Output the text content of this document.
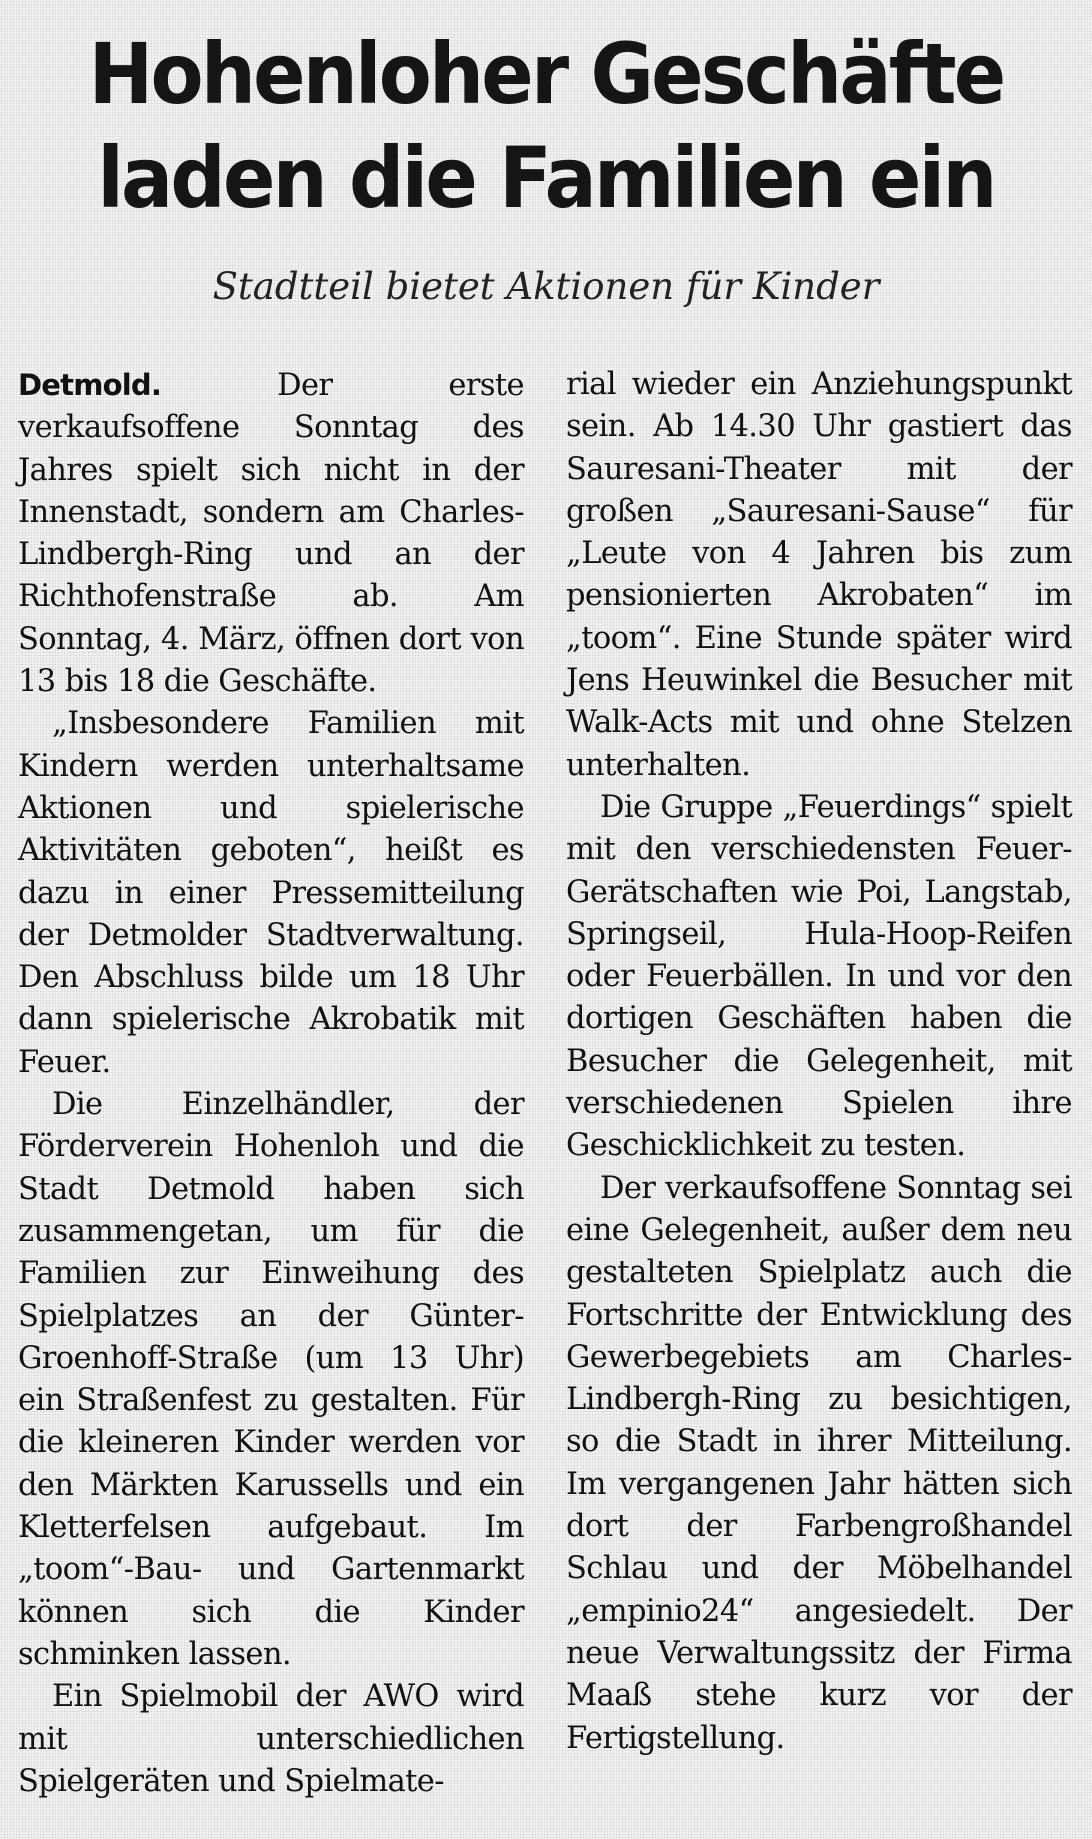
Hohenloher Geschäfte
laden die Familien ein
Stadtteil bietet Aktionen für Kinder

Detmold.	Der erste verkaufsoffene Sonntag des Jahres spielt sich nicht in der Innenstadt, sondern am Charles-Lindbergh-Ring und an der Richthofenstraße ab. Am Sonntag, 4. März, öffnen dort von 13 bis 18 die Geschäfte.

„Insbesondere Familien mit Kindern werden unterhaltsame Aktionen und spielerische Aktivitäten geboten“, heißt es dazu in einer Pressemitteilung der Detmolder Stadtverwaltung. Den Abschluss bilde um 18 Uhr dann spielerische Akrobatik mit Feuer.

Die Einzelhändler, der Förderverein Hohenloh und die Stadt Detmold haben sich zusammengetan, um für die Familien zur Einweihung des Spielplatzes an der Günter-Groenhoff-Straße (um 13 Uhr) ein Straßenfest zu gestalten. Für die kleineren Kinder werden vor den Märkten Karussells und ein Kletterfelsen aufgebaut. Im „toom“-Bau- und Gartenmarkt können sich die Kinder schminken lassen.

Ein Spielmobil der AWO wird mit unterschiedlichen Spielgeräten und Spielmate-

rial wieder ein Anziehungspunkt sein. Ab 14.30 Uhr gastiert das Sauresani-Theater mit der großen „Sauresani-Sause“ für „Leute von 4 Jahren bis zum pensionierten Akrobaten“ im „toom“. Eine Stunde später wird Jens Heuwinkel die Besucher mit Walk-Acts mit und ohne Stelzen unterhalten.

Die Gruppe „Feuerdings“ spielt mit den verschiedensten Feuer-Gerätschaften wie Poi, Langstab, Springseil, Hula-Hoop-Reifen oder Feuerbällen. In und vor den dortigen Geschäften haben die Besucher die Gelegenheit, mit verschiedenen Spielen ihre Geschicklichkeit zu testen.

Der verkaufsoffene Sonntag sei eine Gelegenheit, außer dem neu gestalteten Spielplatz auch die Fortschritte der Entwicklung des Gewerbegebiets am Charles-Lindbergh-Ring zu besichtigen, so die Stadt in ihrer Mitteilung. Im vergangenen Jahr hätten sich dort der Farbengroßhandel Schlau und der Möbelhandel „empinio24“ angesiedelt. Der neue Verwaltungssitz der Firma Maaß stehe kurz vor der Fertigstellung.
